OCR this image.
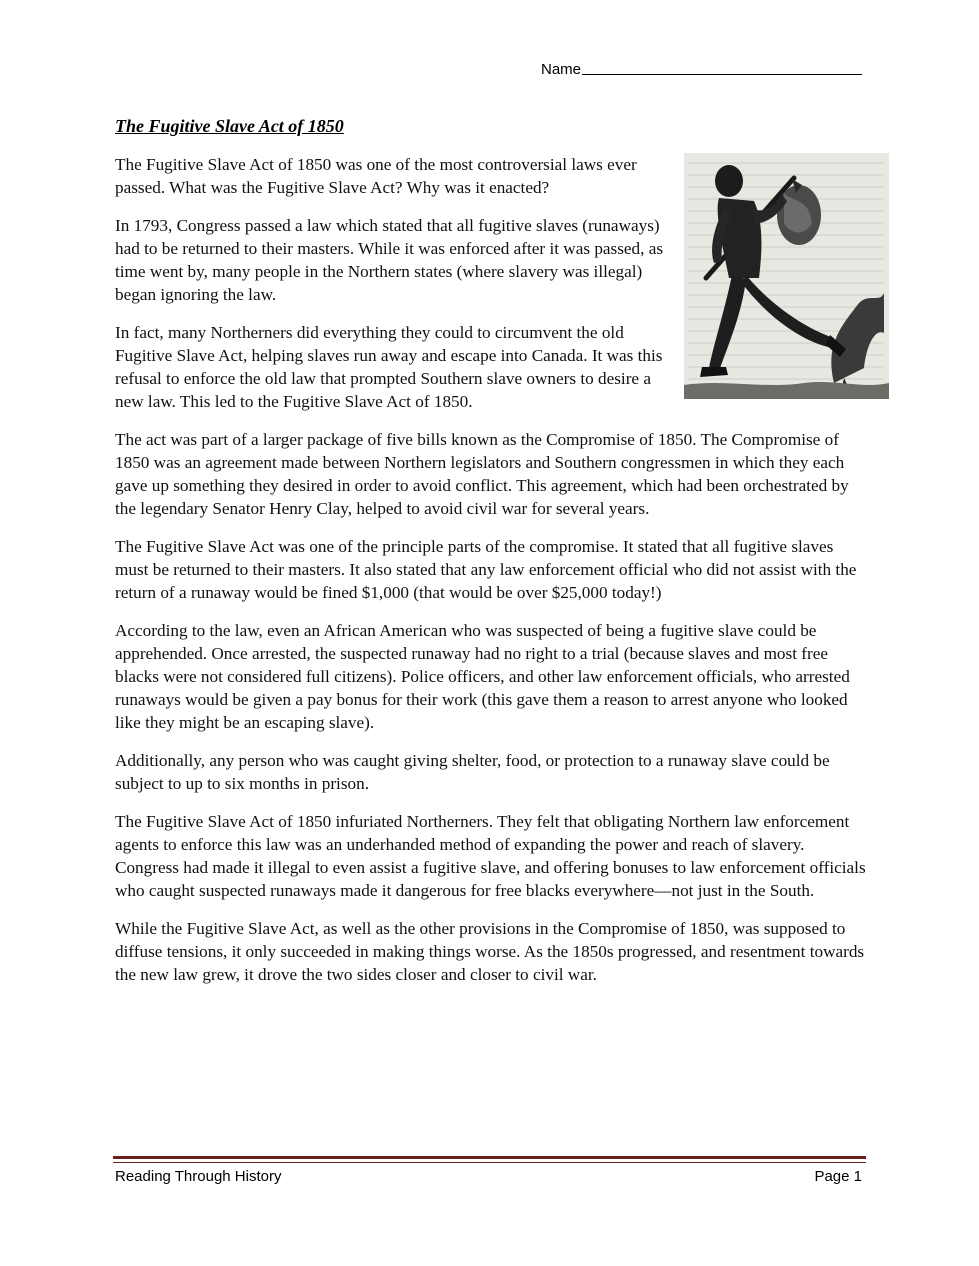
Name
The Fugitive Slave Act of 1850

The Fugitive Slave Act of 1850 was one of the most controversial laws ever passed. What was the Fugitive Slave Act? Why was it enacted?

In 1793, Congress passed a law which stated that all fugitive slaves (runaways) had to be returned to their masters. While it was enforced after it was passed, as time went by, many people in the Northern states (where slavery was illegal) began ignoring the law.

In fact, many Northerners did everything they could to circumvent the old Fugitive Slave Act, helping slaves run away and escape into Canada. It was this refusal to enforce the old law that prompted Southern slave owners to desire a new law. This led to the Fugitive Slave Act of 1850.

The act was part of a larger package of five bills known as the Compromise of 1850. The Compromise of 1850 was an agreement made between Northern legislators and Southern congressmen in which they each gave up something they desired in order to avoid conflict. This agreement, which had been orchestrated by the legendary Senator Henry Clay, helped to avoid civil war for several years.

The Fugitive Slave Act was one of the principle parts of the compromise. It stated that all fugitive slaves must be returned to their masters. It also stated that any law enforcement official who did not assist with the return of a runaway would be fined $1,000 (that would be over $25,000 today!)

According to the law, even an African American who was suspected of being a fugitive slave could be apprehended. Once arrested, the suspected runaway had no right to a trial (because slaves and most free blacks were not considered full citizens). Police officers, and other law enforcement officials, who arrested runaways would be given a pay bonus for their work (this gave them a reason to arrest anyone who looked like they might be an escaping slave).

Additionally, any person who was caught giving shelter, food, or protection to a runaway slave could be subject to up to six months in prison.

The Fugitive Slave Act of 1850 infuriated Northerners. They felt that obligating Northern law enforcement agents to enforce this law was an underhanded method of expanding the power and reach of slavery. Congress had made it illegal to even assist a fugitive slave, and offering bonuses to law enforcement officials who caught suspected runaways made it dangerous for free blacks everywhere—not just in the South.

While the Fugitive Slave Act, as well as the other provisions in the Compromise of 1850, was supposed to diffuse tensions, it only succeeded in making things worse. As the 1850s progressed, and resentment towards the new law grew, it drove the two sides closer and closer to civil war.

Reading Through History	Page 1
